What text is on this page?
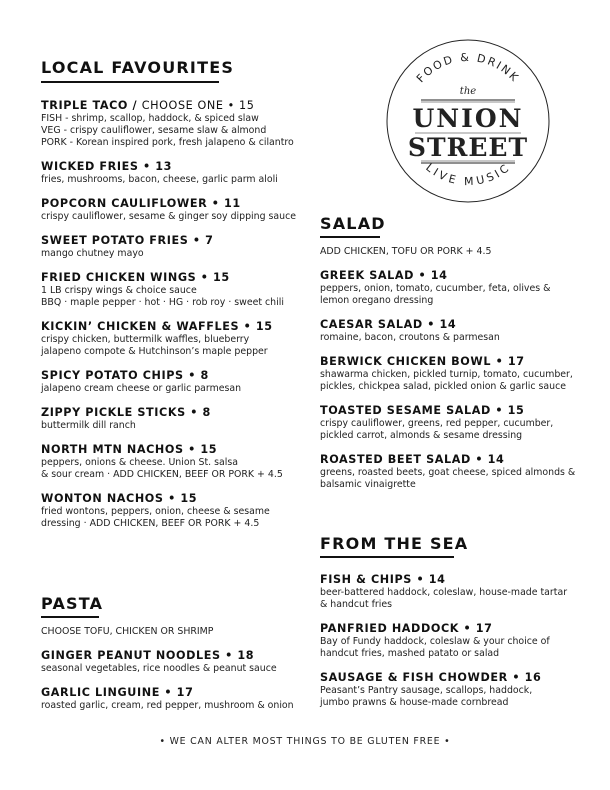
FOOD & DRINK
the
UNION
STREET
LIVE MUSIC
LOCAL FAVOURITES
TRIPLE TACO / CHOOSE ONE • 15
FISH - shrimp, scallop, haddock, & spiced slaw
VEG - crispy cauliflower, sesame slaw & almond
PORK - Korean inspired pork, fresh jalapeno & cilantro
WICKED FRIES • 13
fries, mushrooms, bacon, cheese, garlic parm aloli
POPCORN CAULIFLOWER • 11
crispy cauliflower, sesame & ginger soy dipping sauce
SWEET POTATO FRIES • 7
mango chutney mayo
FRIED CHICKEN WINGS • 15
1 LB crispy wings & choice sauce
BBQ · maple pepper · hot · HG · rob roy · sweet chili
KICKIN’ CHICKEN & WAFFLES • 15
crispy chicken, buttermilk waffles, blueberry
jalapeno compote & Hutchinson’s maple pepper
SPICY POTATO CHIPS • 8
jalapeno cream cheese or garlic parmesan
ZIPPY PICKLE STICKS • 8
buttermilk dill ranch
NORTH MTN NACHOS • 15
peppers, onions & cheese. Union St. salsa
& sour cream · ADD CHICKEN, BEEF OR PORK + 4.5
WONTON NACHOS • 15
fried wontons, peppers, onion, cheese & sesame
dressing · ADD CHICKEN, BEEF OR PORK + 4.5
PASTA
CHOOSE TOFU, CHICKEN OR SHRIMP
GINGER PEANUT NOODLES • 18
seasonal vegetables, rice noodles & peanut sauce
GARLIC LINGUINE • 17
roasted garlic, cream, red pepper, mushroom & onion
SALAD
ADD CHICKEN, TOFU OR PORK + 4.5
GREEK SALAD • 14
peppers, onion, tomato, cucumber, feta, olives &
lemon oregano dressing
CAESAR SALAD • 14
romaine, bacon, croutons & parmesan
BERWICK CHICKEN BOWL • 17
shawarma chicken, pickled turnip, tomato, cucumber,
pickles, chickpea salad, pickled onion & garlic sauce
TOASTED SESAME SALAD • 15
crispy cauliflower, greens, red pepper, cucumber,
pickled carrot, almonds & sesame dressing
ROASTED BEET SALAD • 14
greens, roasted beets, goat cheese, spiced almonds &
balsamic vinaigrette
FROM THE SEA
FISH & CHIPS • 14
beer-battered haddock, coleslaw, house-made tartar
& handcut fries
PANFRIED HADDOCK • 17
Bay of Fundy haddock, coleslaw & your choice of
handcut fries, mashed patato or salad
SAUSAGE & FISH CHOWDER • 16
Peasant’s Pantry sausage, scallops, haddock,
jumbo prawns & house-made cornbread
• WE CAN ALTER MOST THINGS TO BE GLUTEN FREE •
